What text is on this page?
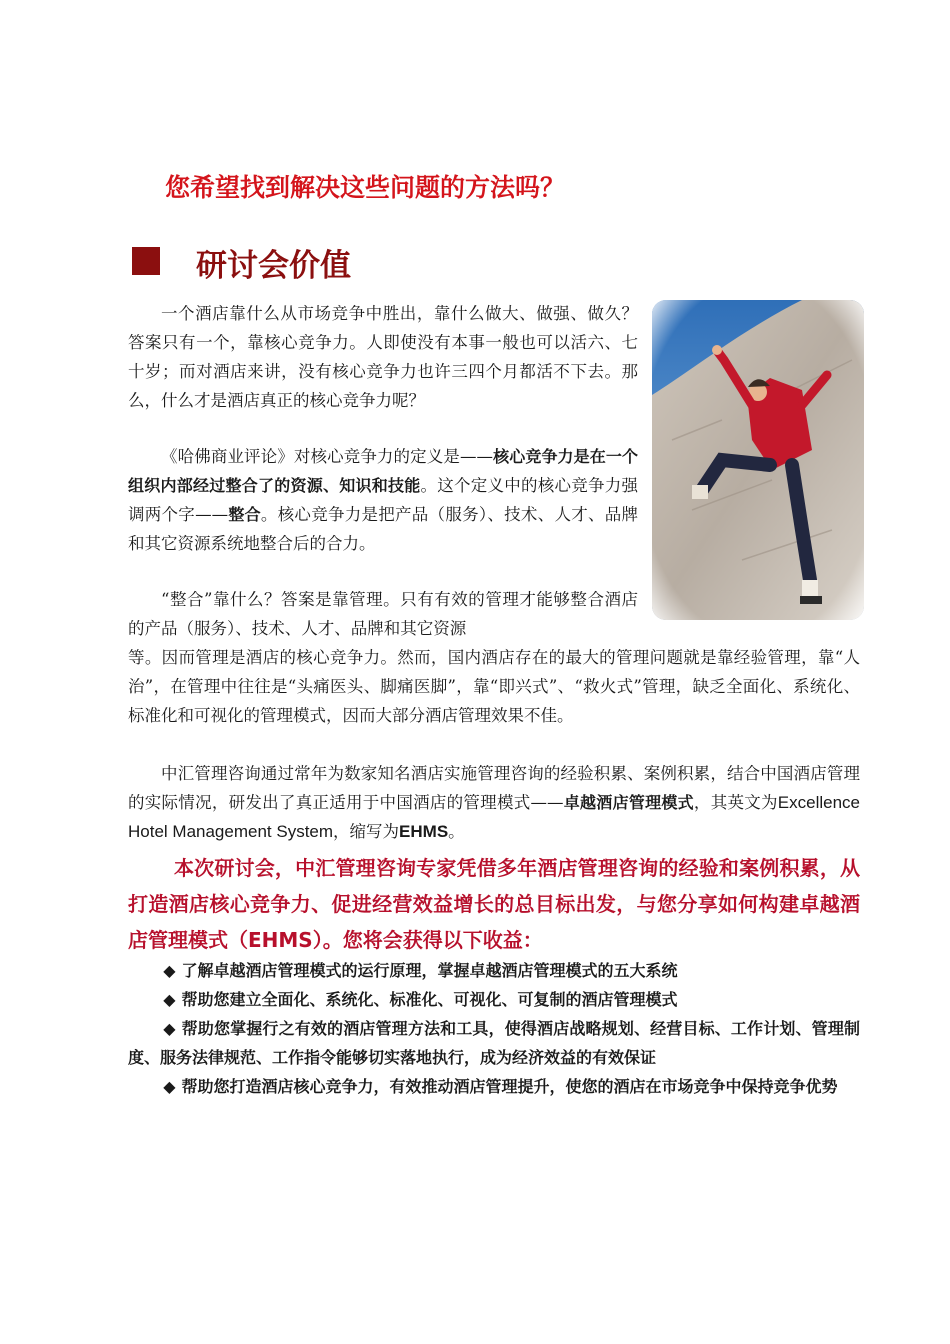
您希望找到解决这些问题的方法吗？
研讨会价值

一个酒店靠什么从市场竞争中胜出，靠什么做大、做强、做久？答案只有一个，靠核心竞争力。人即使没有本事一般也可以活六、七十岁；而对酒店来讲，没有核心竞争力也许三四个月都活不下去。那么，什么才是酒店真正的核心竞争力呢？

《哈佛商业评论》对核心竞争力的定义是——核心竞争力是在一个组织内部经过整合了的资源、知识和技能。这个定义中的核心竞争力强调两个字——整合。核心竞争力是把产品（服务）、技术、人才、品牌和其它资源系统地整合后的合力。

“整合”靠什么？答案是靠管理。只有有效的管理才能够整合酒店的产品（服务）、技术、人才、品牌和其它资源

等。因而管理是酒店的核心竞争力。然而，国内酒店存在的最大的管理问题就是靠经验管理，靠“人治”，在管理中往往是“头痛医头、脚痛医脚”，靠“即兴式”、“救火式”管理，缺乏全面化、系统化、标准化和可视化的管理模式，因而大部分酒店管理效果不佳。

中汇管理咨询通过常年为数家知名酒店实施管理咨询的经验积累、案例积累，结合中国酒店管理的实际情况，研发出了真正适用于中国酒店的管理模式——卓越酒店管理模式，其英文为Excellence Hotel Management System，缩写为EHMS。

本次研讨会，中汇管理咨询专家凭借多年酒店管理咨询的经验和案例积累，从打造酒店核心竞争力、促进经营效益增长的总目标出发，与您分享如何构建卓越酒店管理模式（EHMS）。您将会获得以下收益：

◆ 了解卓越酒店管理模式的运行原理，掌握卓越酒店管理模式的五大系统
◆ 帮助您建立全面化、系统化、标准化、可视化、可复制的酒店管理模式
◆ 帮助您掌握行之有效的酒店管理方法和工具，使得酒店战略规划、经营目标、工作计划、管理制度、服务法律规范、工作指令能够切实落地执行，成为经济效益的有效保证
◆ 帮助您打造酒店核心竞争力，有效推动酒店管理提升，使您的酒店在市场竞争中保持竞争优势
